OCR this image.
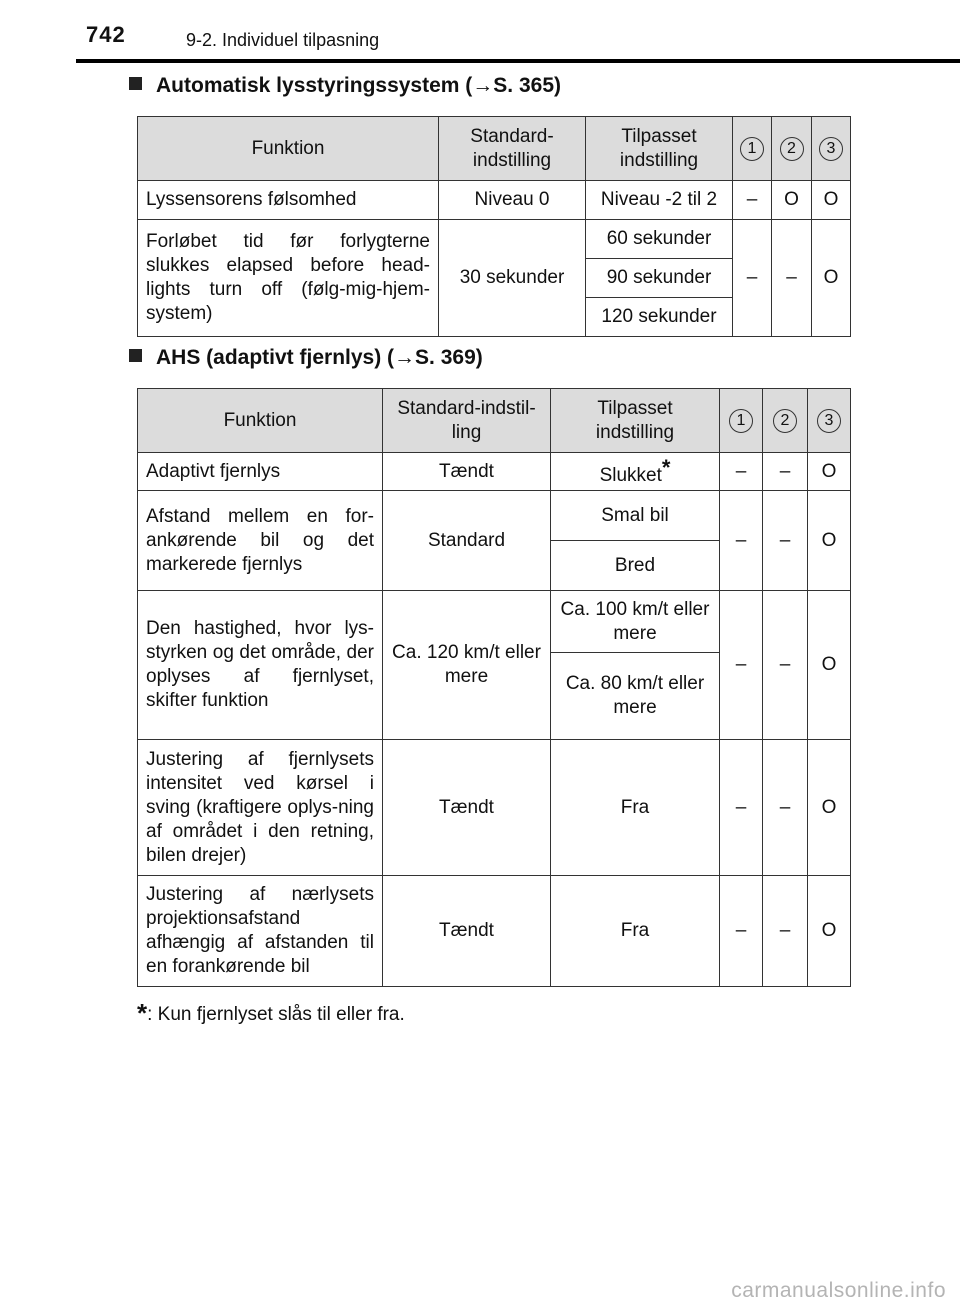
742	9-2. Individuel tilpasning
Automatisk lysstyringssystem (→S. 365)
Funktion	Standard-indstilling	Tilpasset indstilling	1	2	3
Lyssensorens følsomhed	Niveau 0	Niveau -2 til 2	–	O	O
Forløbet tid før forlygterne slukkes elapsed before head-lights turn off (følg-mig-hjem-system)	30 sekunder	60 sekunder	–	–	O
		90 sekunder			
		120 sekunder			
AHS (adaptivt fjernlys) (→S. 369)
Funktion	Standard-indstil-ling	Tilpasset indstilling	1	2	3
Adaptivt fjernlys	Tændt	Slukket*	–	–	O
Afstand mellem en for-ankørende bil og det markerede fjernlys	Standard	Smal bil	–	–	O
		Bred			
Den hastighed, hvor lys-styrken og det område, der oplyses af fjernlyset, skifter funktion	Ca. 120 km/t eller mere	Ca. 100 km/t eller mere	–	–	O
		Ca. 80 km/t eller mere			
Justering af fjernlysets intensitet ved kørsel i sving (kraftigere oplys-ning af området i den retning, bilen drejer)	Tændt	Fra	–	–	O
Justering af nærlysets projektionsafstand afhængig af afstanden til en forankørende bil	Tændt	Fra	–	–	O
*: Kun fjernlyset slås til eller fra.
carmanualsonline.info
